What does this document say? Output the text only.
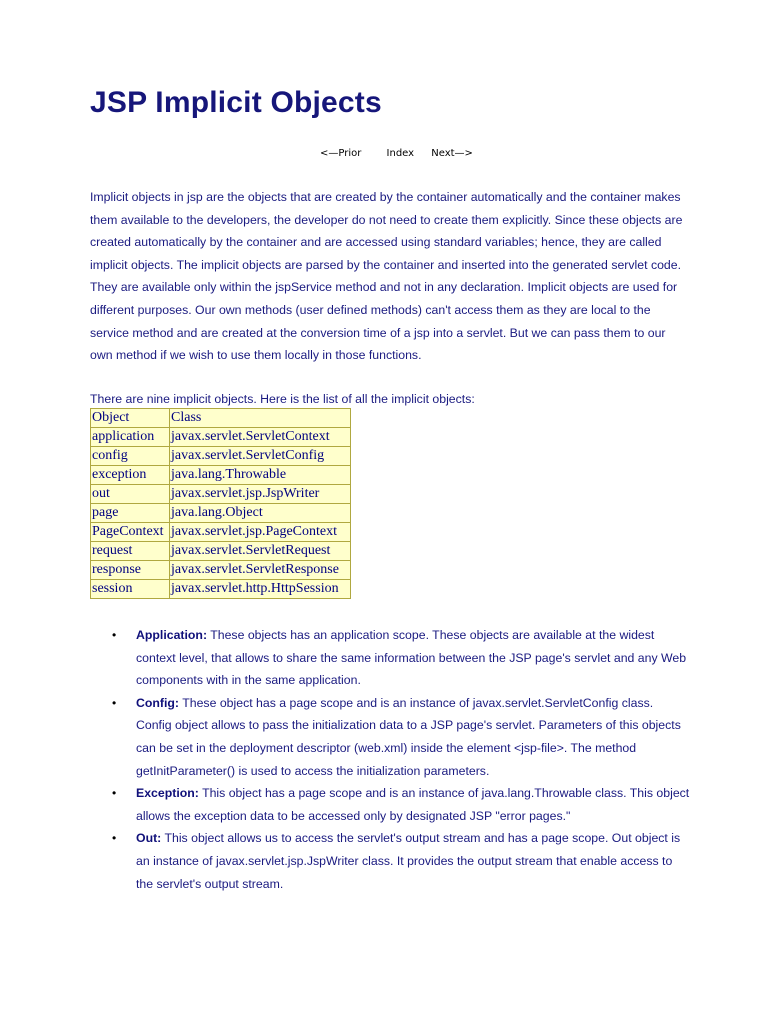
JSP Implicit Objects
<—Prior	Index Next—>

Implicit objects in jsp are the objects that are created by the container automatically and the container makes them available to the developers, the developer do not need to create them explicitly. Since these objects are created automatically by the container and are accessed using standard variables; hence, they are called implicit objects. The implicit objects are parsed by the container and inserted into the generated servlet code. They are available only within the jspService method and not in any declaration. Implicit objects are used for different purposes. Our own methods (user defined methods) can't access them as they are local to the service method and are created at the conversion time of a jsp into a servlet. But we can pass them to our own method if we wish to use them locally in those functions.

There are nine implicit objects. Here is the list of all the implicit objects:

Object	Class
application	javax.servlet.ServletContext
config	javax.servlet.ServletConfig
exception	java.lang.Throwable
out	javax.servlet.jsp.JspWriter
page	java.lang.Object
PageContext	javax.servlet.jsp.PageContext
request	javax.servlet.ServletRequest
response	javax.servlet.ServletResponse
session	javax.servlet.http.HttpSession
• Application: These objects has an application scope. These objects are available at the widest context level, that allows to share the same information between the JSP page's servlet and any Web components with in the same application.
• Config: These object has a page scope and is an instance of javax.servlet.ServletConfig class. Config object allows to pass the initialization data to a JSP page's servlet. Parameters of this objects can be set in the deployment descriptor (web.xml) inside the element <jsp-file>. The method getInitParameter() is used to access the initialization parameters.
• Exception: This object has a page scope and is an instance of java.lang.Throwable class. This object allows the exception data to be accessed only by designated JSP "error pages."
• Out: This object allows us to access the servlet's output stream and has a page scope. Out object is an instance of javax.servlet.jsp.JspWriter class. It provides the output stream that enable access to the servlet's output stream.
